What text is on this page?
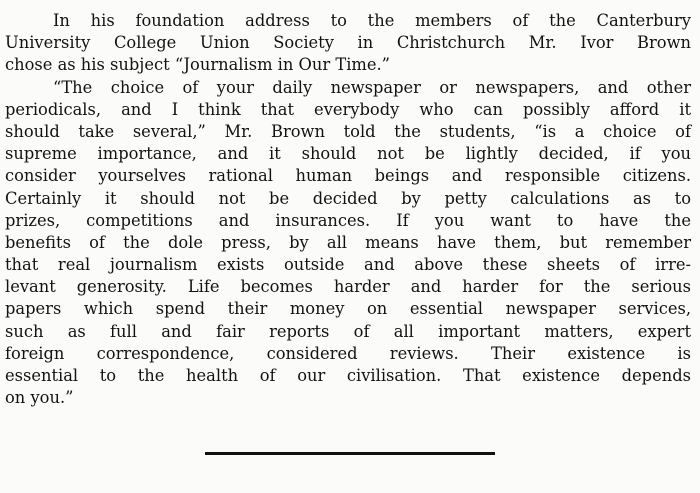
In his foundation address to the members of the Canterbury
University College Union Society in Christchurch Mr. Ivor Brown
chose as his subject “Journalism in Our Time.”
“The choice of your daily newspaper or newspapers, and other
periodicals, and I think that everybody who can possibly afford it
should take several,” Mr. Brown told the students, “is a choice of
supreme importance, and it should not be lightly decided, if you
consider yourselves rational human beings and responsible citizens.
Certainly it should not be decided by petty calculations as to
prizes, competitions and insurances. If you want to have the
benefits of the dole press, by all means have them, but remember
that real journalism exists outside and above these sheets of irre-
levant generosity. Life becomes harder and harder for the serious
papers which spend their money on essential newspaper services,
such as full and fair reports of all important matters, expert
foreign correspondence, considered reviews. Their existence is
essential to the health of our civilisation. That existence depends
on you.”
